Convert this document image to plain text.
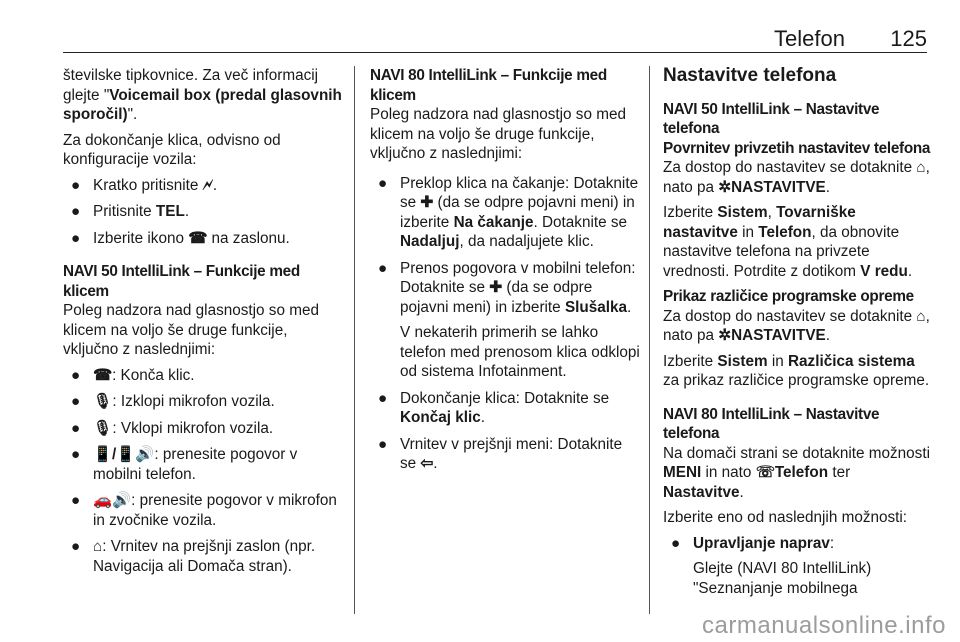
Telefon 125

številske tipkovnice. Za več informacij glejte "Voicemail box (predal glasovnih sporočil)".

Za dokončanje klica, odvisno od konfiguracije vozila:

● Kratko pritisnite 🗲.
● Pritisnite TEL.
● Izberite ikono ☎ na zaslonu.

NAVI 50 IntelliLink – Funkcije med klicem

Poleg nadzora nad glasnostjo so med klicem na voljo še druge funkcije, vključno z naslednjimi:

● ☎: Konča klic.
● 🎙: Izklopi mikrofon vozila.
● 🎙: Vklopi mikrofon vozila.
● 📱/📱🔊: prenesite pogovor v mobilni telefon.
● 🚗🔊: prenesite pogovor v mikrofon in zvočnike vozila.
● ⌂: Vrnitev na prejšnji zaslon (npr. Navigacija ali Domača stran).

NAVI 80 IntelliLink – Funkcije med klicem

Poleg nadzora nad glasnostjo so med klicem na voljo še druge funkcije, vključno z naslednjimi:

● Preklop klica na čakanje: Dotaknite se ✚ (da se odpre pojavni meni) in izberite Na čakanje. Dotaknite se Nadaljuj, da nadaljujete klic.
● Prenos pogovora v mobilni telefon: Dotaknite se ✚ (da se odpre pojavni meni) in izberite Slušalka.

V nekaterih primerih se lahko telefon med prenosom klica odklopi od sistema Infotainment.

● Dokončanje klica: Dotaknite se Končaj klic.
● Vrnitev v prejšnji meni: Dotaknite se ⇦.
Nastavitve telefona

NAVI 50 IntelliLink – Nastavitve telefona

Povrnitev privzetih nastavitev telefona

Za dostop do nastavitev se dotaknite ⌂, nato pa ✲NASTAVITVE.

Izberite Sistem, Tovarniške nastavitve in Telefon, da obnovite nastavitve telefona na privzete vrednosti. Potrdite z dotikom V redu.

Prikaz različice programske opreme

Za dostop do nastavitev se dotaknite ⌂, nato pa ✲NASTAVITVE.

Izberite Sistem in Različica sistema za prikaz različice programske opreme.

NAVI 80 IntelliLink – Nastavitve telefona

Na domači strani se dotaknite možnosti MENI in nato ☏Telefon ter Nastavitve.

Izberite eno od naslednjih možnosti:

● Upravljanje naprav:

Glejte (NAVI 80 IntelliLink) "Seznanjanje mobilnega

carmanualsonline.info
